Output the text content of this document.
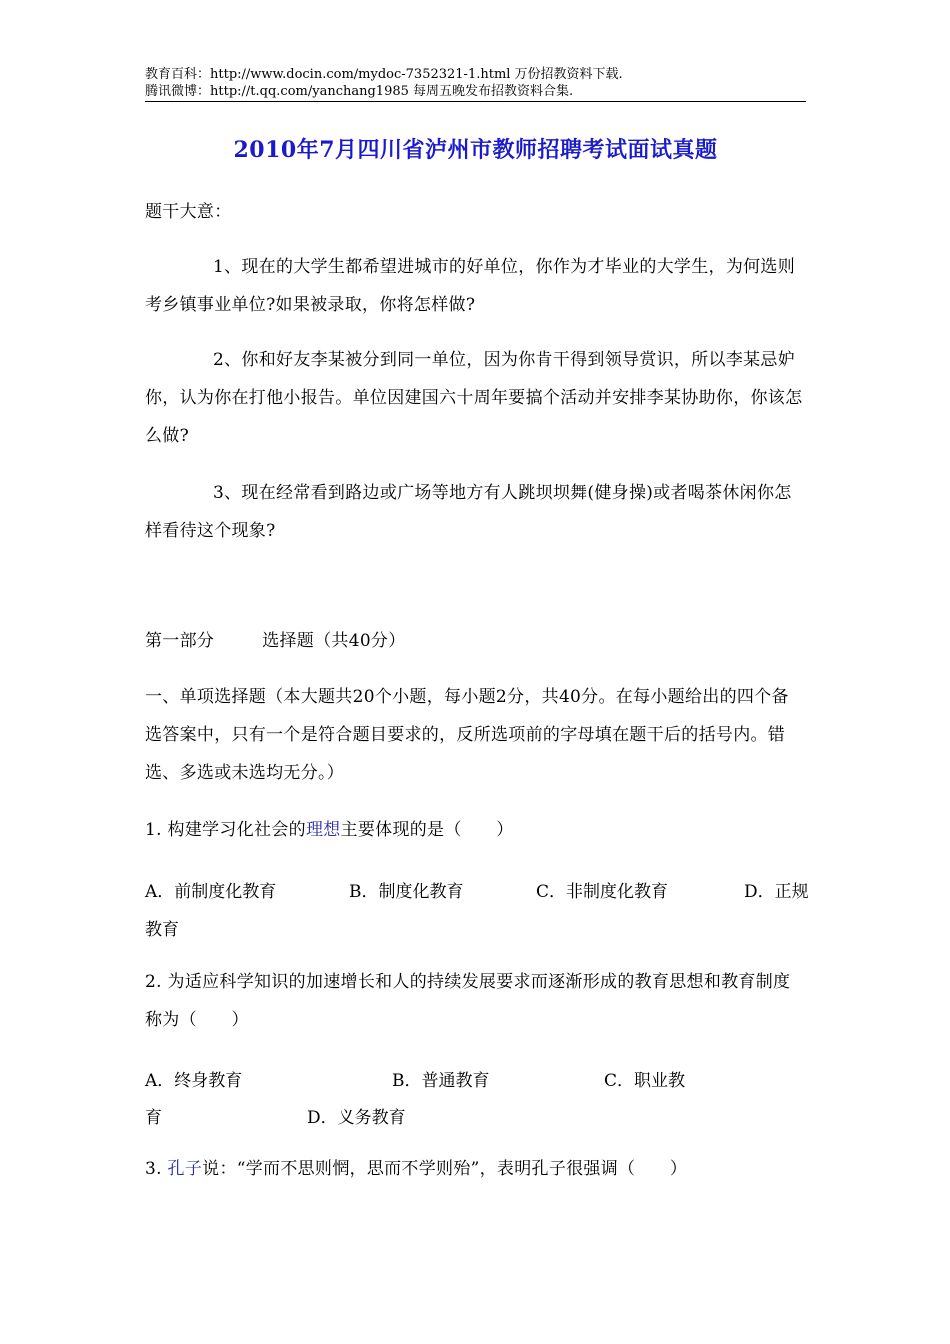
教育百科：http://www.docin.com/mydoc-7352321-1.html 万份招教资料下载.
腾讯微博：http://t.qq.com/yanchang1985 每周五晚发布招教资料合集.
2010年7月四川省泸州市教师招聘考试面试真题
题干大意：
1、现在的大学生都希望进城市的好单位，你作为才毕业的大学生，为何选则考乡镇事业单位?如果被录取，你将怎样做?
2、你和好友李某被分到同一单位，因为你肯干得到领导赏识，所以李某忌妒你，认为你在打他小报告。单位因建国六十周年要搞个活动并安排李某协助你，你该怎么做?
3、现在经常看到路边或广场等地方有人跳坝坝舞(健身操)或者喝茶休闲你怎样看待这个现象?
第一部分	选择题（共40分）
一、单项选择题（本大题共20个小题，每小题2分，共40分。在每小题给出的四个备选答案中，只有一个是符合题目要求的，反所选项前的字母填在题干后的括号内。错选、多选或未选均无分。）
1. 构建学习化社会的理想主要体现的是（　　）
A．前制度化教育	B．制度化教育	C．非制度化教育	D．正规
教育
2. 为适应科学知识的加速增长和人的持续发展要求而逐渐形成的教育思想和教育制度称为（　　）
A．终身教育	B．普通教育	C．职业教
育	D．义务教育
3. 孔子说：“学而不思则惘，思而不学则殆”，表明孔子很强调（　　）
